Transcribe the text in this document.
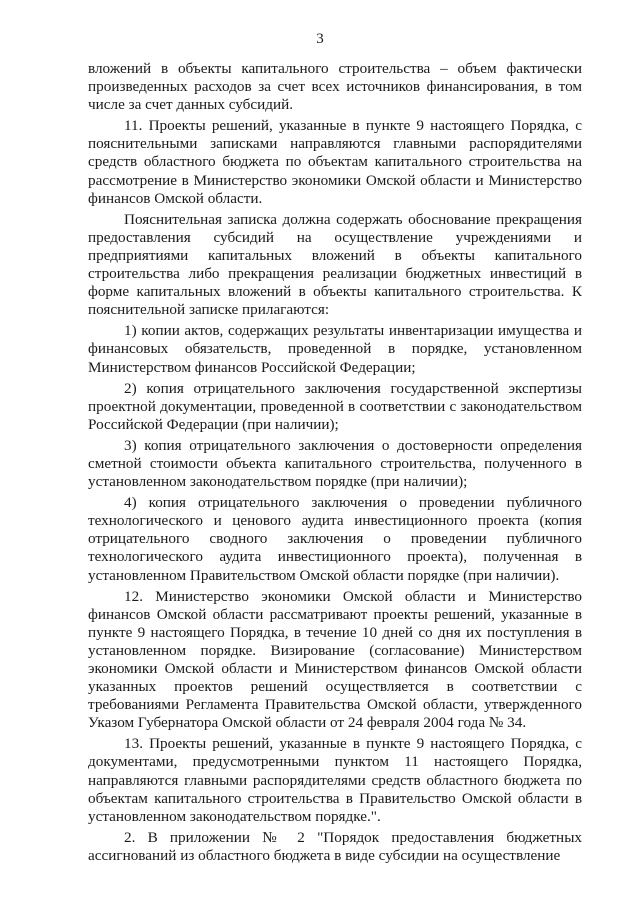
3

вложений в объекты капитального строительства – объем фактически произведенных расходов за счет всех источников финансирования, в том числе за счет данных субсидий.

11. Проекты решений, указанные в пункте 9 настоящего Порядка, с пояснительными записками направляются главными распорядителями средств областного бюджета по объектам капитального строительства на рассмотрение в Министерство экономики Омской области и Министерство финансов Омской области.

Пояснительная записка должна содержать обоснование прекращения предоставления субсидий на осуществление учреждениями и предприятиями капитальных вложений в объекты капитального строительства либо прекращения реализации бюджетных инвестиций в форме капитальных вложений в объекты капитального строительства. К пояснительной записке прилагаются:

1) копии актов, содержащих результаты инвентаризации имущества и финансовых обязательств, проведенной в порядке, установленном Министерством финансов Российской Федерации;

2) копия отрицательного заключения государственной экспертизы проектной документации, проведенной в соответствии с законодательством Российской Федерации (при наличии);

3) копия отрицательного заключения о достоверности определения сметной стоимости объекта капитального строительства, полученного в установленном законодательством порядке (при наличии);

4) копия отрицательного заключения о проведении публичного технологического и ценового аудита инвестиционного проекта (копия отрицательного сводного заключения о проведении публичного технологического аудита инвестиционного проекта), полученная в установленном Правительством Омской области порядке (при наличии).

12. Министерство экономики Омской области и Министерство финансов Омской области рассматривают проекты решений, указанные в пункте 9 настоящего Порядка, в течение 10 дней со дня их поступления в установленном порядке. Визирование (согласование) Министерством экономики Омской области и Министерством финансов Омской области указанных проектов решений осуществляется в соответствии с требованиями Регламента Правительства Омской области, утвержденного Указом Губернатора Омской области от 24 февраля 2004 года № 34.

13. Проекты решений, указанные в пункте 9 настоящего Порядка, с документами, предусмотренными пунктом 11 настоящего Порядка, направляются главными распорядителями средств областного бюджета по объектам капитального строительства в Правительство Омской области в установленном законодательством порядке.".

2. В приложении № 2 "Порядок предоставления бюджетных ассигнований из областного бюджета в виде субсидии на осуществление
